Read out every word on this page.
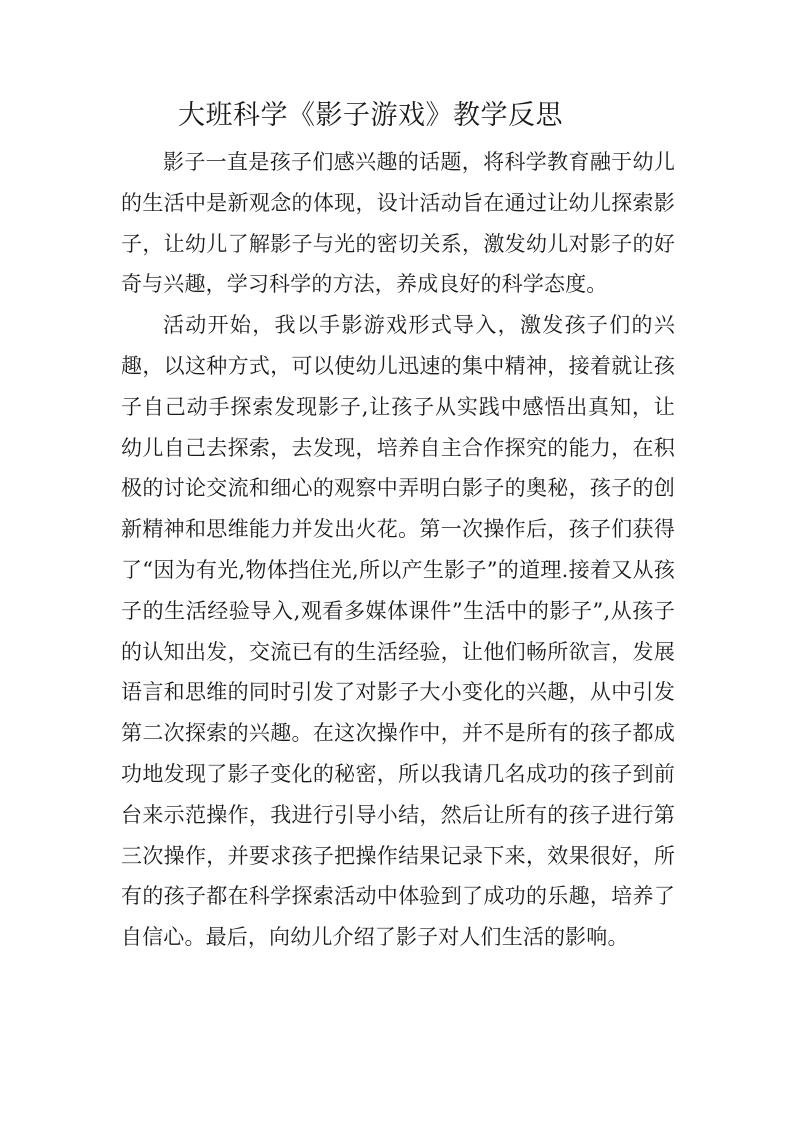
大班科学《影子游戏》教学反思

影子一直是孩子们感兴趣的话题，将科学教育融于幼儿的生活中是新观念的体现，设计活动旨在通过让幼儿探索影子，让幼儿了解影子与光的密切关系，激发幼儿对影子的好奇与兴趣，学习科学的方法，养成良好的科学态度。

活动开始，我以手影游戏形式导入，激发孩子们的兴趣，以这种方式，可以使幼儿迅速的集中精神，接着就让孩子自己动手探索发现影子,让孩子从实践中感悟出真知，让幼儿自己去探索，去发现，培养自主合作探究的能力，在积极的讨论交流和细心的观察中弄明白影子的奥秘，孩子的创新精神和思维能力并发出火花。第一次操作后，孩子们获得了“因为有光,物体挡住光,所以产生影子”的道理.接着又从孩子的生活经验导入,观看多媒体课件”生活中的影子”,从孩子的认知出发，交流已有的生活经验，让他们畅所欲言，发展语言和思维的同时引发了对影子大小变化的兴趣，从中引发第二次探索的兴趣。在这次操作中，并不是所有的孩子都成功地发现了影子变化的秘密，所以我请几名成功的孩子到前台来示范操作，我进行引导小结，然后让所有的孩子进行第三次操作，并要求孩子把操作结果记录下来，效果很好，所有的孩子都在科学探索活动中体验到了成功的乐趣，培养了自信心。最后，向幼儿介绍了影子对人们生活的影响。
